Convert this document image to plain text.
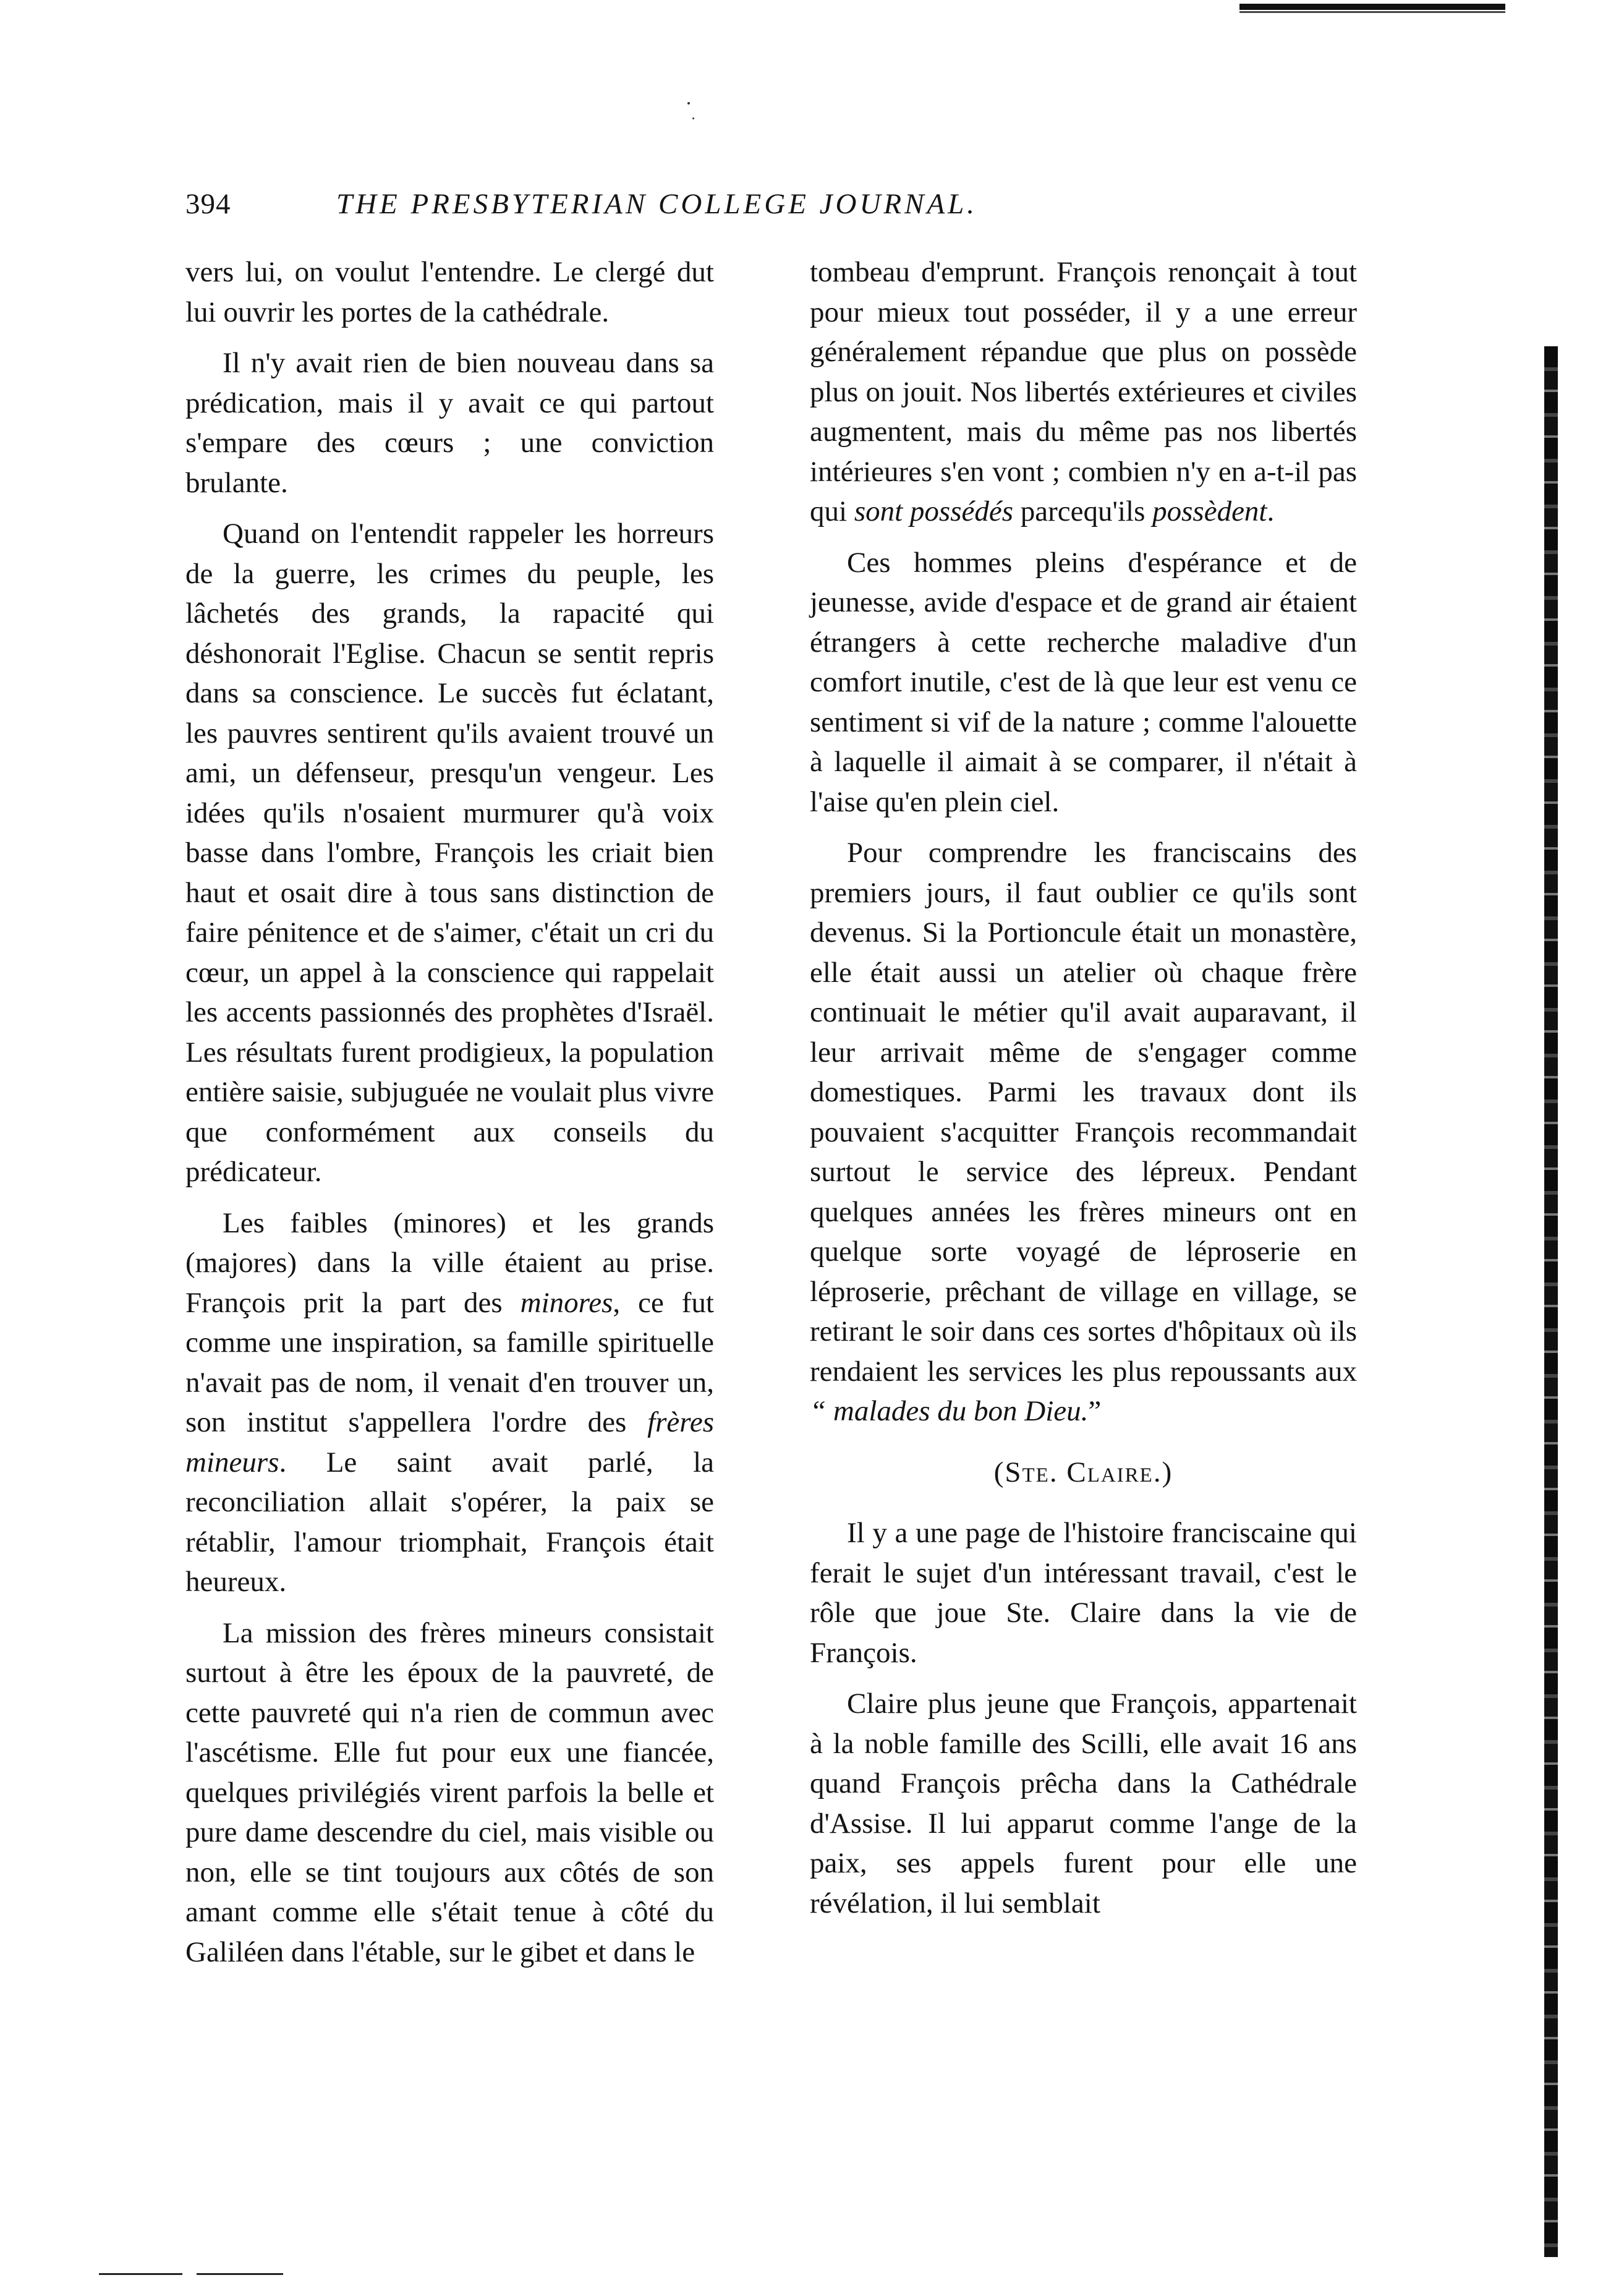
394	THE PRESBYTERIAN COLLEGE JOURNAL.

vers lui, on voulut l'entendre. Le clergé dut lui ouvrir les portes de la cathédrale.

Il n'y avait rien de bien nouveau dans sa prédication, mais il y avait ce qui partout s'empare des cœurs ; une conviction brulante.

Quand on l'entendit rappeler les horreurs de la guerre, les crimes du peuple, les lâchetés des grands, la rapacité qui déshonorait l'Eglise. Chacun se sentit repris dans sa conscience. Le succès fut éclatant, les pauvres sentirent qu'ils avaient trouvé un ami, un défenseur, presqu'un vengeur. Les idées qu'ils n'osaient murmurer qu'à voix basse dans l'ombre, François les criait bien haut et osait dire à tous sans distinction de faire pénitence et de s'aimer, c'était un cri du cœur, un appel à la conscience qui rappelait les accents passionnés des prophètes d'Israël. Les résultats furent prodigieux, la population entière saisie, subjuguée ne voulait plus vivre que conformément aux conseils du prédicateur.

Les faibles (minores) et les grands (majores) dans la ville étaient au prise. François prit la part des minores, ce fut comme une inspiration, sa famille spirituelle n'avait pas de nom, il venait d'en trouver un, son institut s'appellera l'ordre des frères mineurs. Le saint avait parlé, la reconciliation allait s'opérer, la paix se rétablir, l'amour triomphait, François était heureux.

La mission des frères mineurs consistait surtout à être les époux de la pauvreté, de cette pauvreté qui n'a rien de commun avec l'ascétisme. Elle fut pour eux une fiancée, quelques privilégiés virent parfois la belle et pure dame descendre du ciel, mais visible ou non, elle se tint toujours aux côtés de son amant comme elle s'était tenue à côté du Galiléen dans l'étable, sur le gibet et dans le

tombeau d'emprunt. François renonçait à tout pour mieux tout posséder, il y a une erreur généralement répandue que plus on possède plus on jouit. Nos libertés extérieures et civiles augmentent, mais du même pas nos libertés intérieures s'en vont ; combien n'y en a-t-il pas qui sont possédés parcequ'ils possèdent.

Ces hommes pleins d'espérance et de jeunesse, avide d'espace et de grand air étaient étrangers à cette recherche maladive d'un comfort inutile, c'est de là que leur est venu ce sentiment si vif de la nature ; comme l'alouette à laquelle il aimait à se comparer, il n'était à l'aise qu'en plein ciel.

Pour comprendre les franciscains des premiers jours, il faut oublier ce qu'ils sont devenus. Si la Portioncule était un monastère, elle était aussi un atelier où chaque frère continuait le métier qu'il avait auparavant, il leur arrivait même de s'engager comme domestiques. Parmi les travaux dont ils pouvaient s'acquitter François recommandait surtout le service des lépreux. Pendant quelques années les frères mineurs ont en quelque sorte voyagé de léproserie en léproserie, prêchant de village en village, se retirant le soir dans ces sortes d'hôpitaux où ils rendaient les services les plus repoussants aux “ malades du bon Dieu.”

(Ste. Claire.)

Il y a une page de l'histoire franciscaine qui ferait le sujet d'un intéressant travail, c'est le rôle que joue Ste. Claire dans la vie de François.

Claire plus jeune que François, appartenait à la noble famille des Scilli, elle avait 16 ans quand François prêcha dans la Cathédrale d'Assise. Il lui apparut comme l'ange de la paix, ses appels furent pour elle une révélation, il lui semblait
